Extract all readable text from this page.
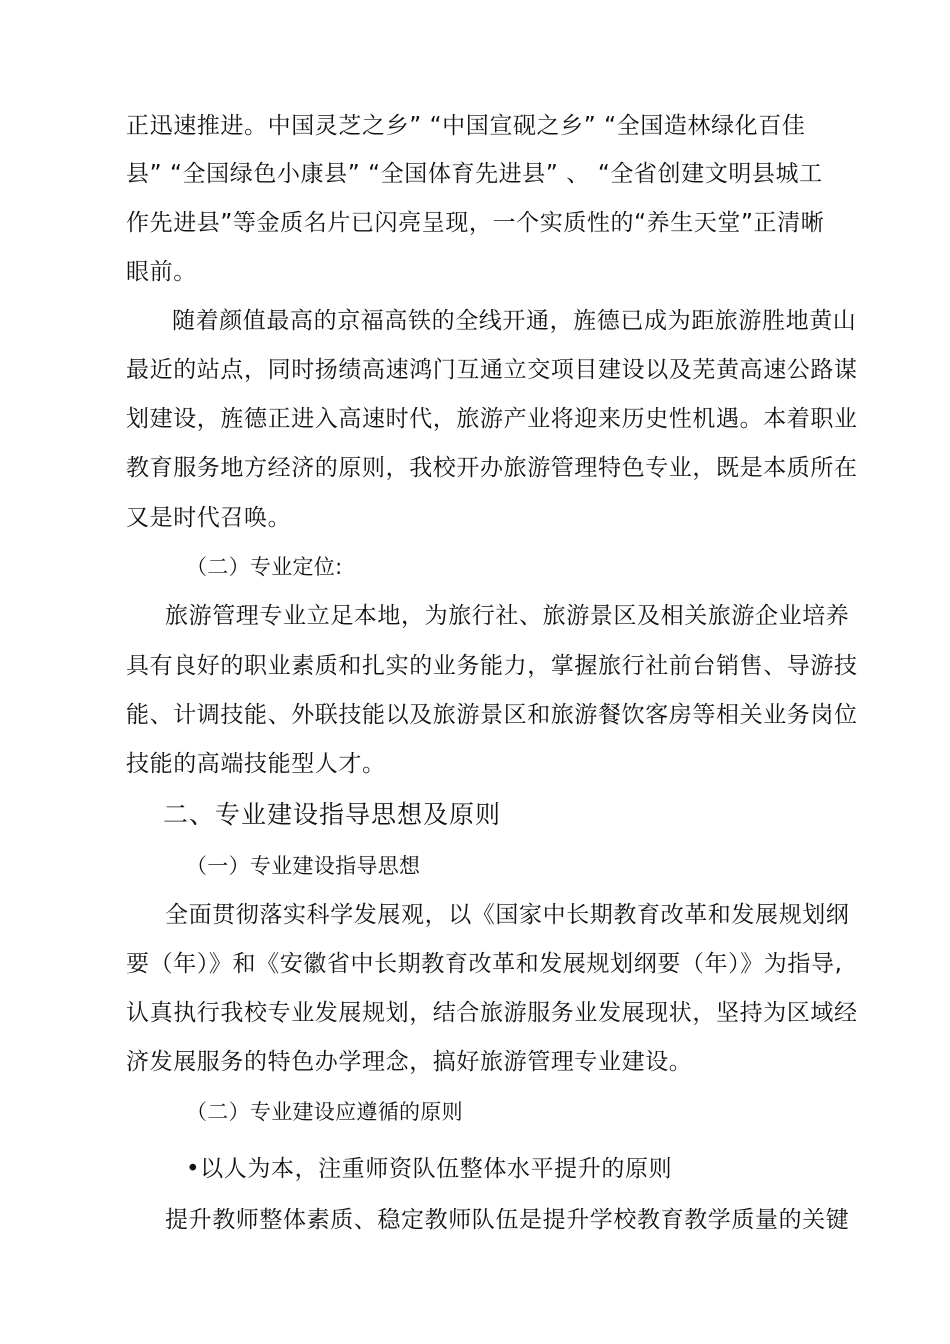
正迅速推进。中国灵芝之乡” “中国宣砚之乡” “全国造林绿化百佳
县” “全国绿色小康县” “全国体育先进县” 、 “全省创建文明县城工
作先进县”等金质名片已闪亮呈现，一个实质性的“养生天堂”正清晰
眼前。
随着颜值最高的京福高铁的全线开通，旌德已成为距旅游胜地黄山
最近的站点，同时扬绩高速鸿门互通立交项目建设以及芜黄高速公路谋
划建设，旌德正进入高速时代，旅游产业将迎来历史性机遇。本着职业
教育服务地方经济的原则，我校开办旅游管理特色专业，既是本质所在
又是时代召唤。
（二）专业定位:
旅游管理专业立足本地，为旅行社、旅游景区及相关旅游企业培养
具有良好的职业素质和扎实的业务能力，掌握旅行社前台销售、导游技
能、计调技能、外联技能以及旅游景区和旅游餐饮客房等相关业务岗位
技能的高端技能型人才。
二、专业建设指导思想及原则
（一）专业建设指导思想
全面贯彻落实科学发展观，以《国家中长期教育改革和发展规划纲
要（年）》和《安徽省中长期教育改革和发展规划纲要（年）》为指导,
认真执行我校专业发展规划，结合旅游服务业发展现状，坚持为区域经
济发展服务的特色办学理念，搞好旅游管理专业建设。
（二）专业建设应遵循的原则
•以人为本，注重师资队伍整体水平提升的原则
提升教师整体素质、稳定教师队伍是提升学校教育教学质量的关键
